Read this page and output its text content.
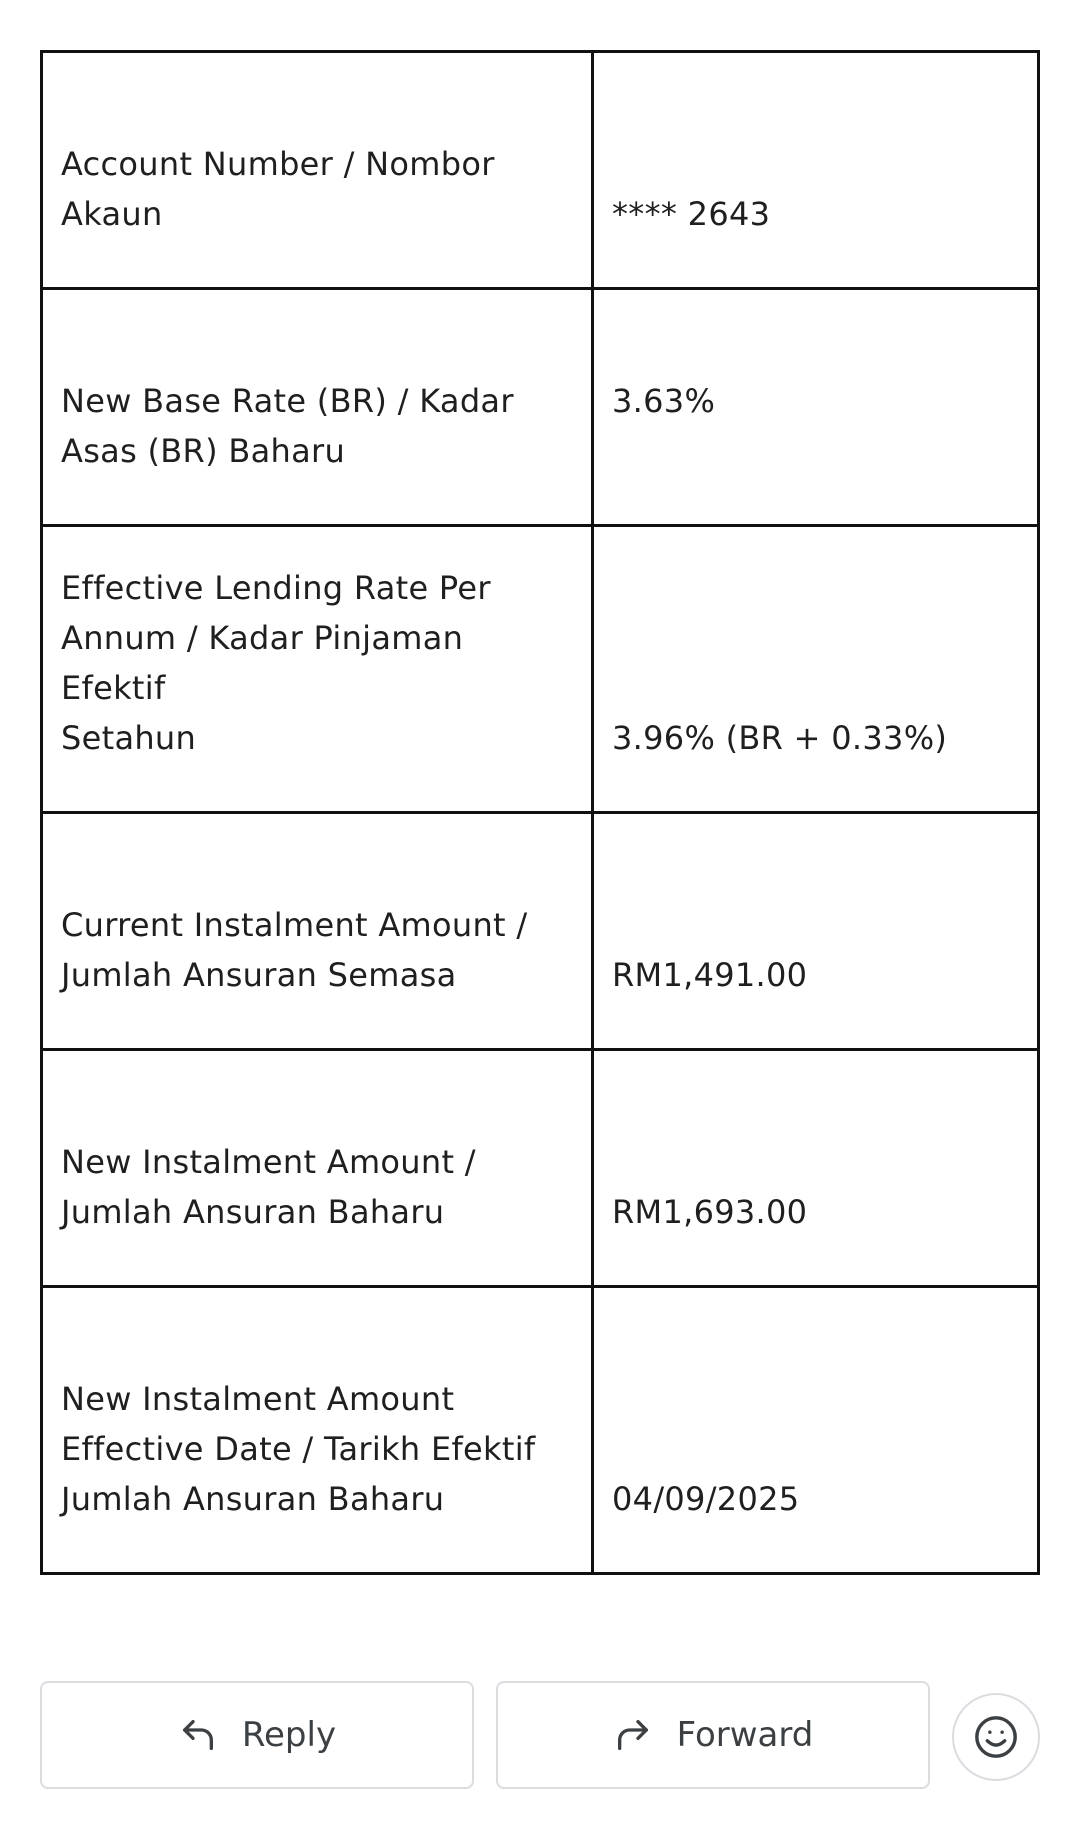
Account Number / Nombor
Akaun	**** 2643

New Base Rate (BR) / Kadar
Asas (BR) Baharu	3.63%

Effective Lending Rate Per
Annum / Kadar Pinjaman Efektif
Setahun	3.96% (BR + 0.33%)

Current Instalment Amount /
Jumlah Ansuran Semasa	RM1,491.00

New Instalment Amount /
Jumlah Ansuran Baharu	RM1,693.00

New Instalment Amount
Effective Date / Tarikh Efektif
Jumlah Ansuran Baharu	04/09/2025
Reply	Forward
